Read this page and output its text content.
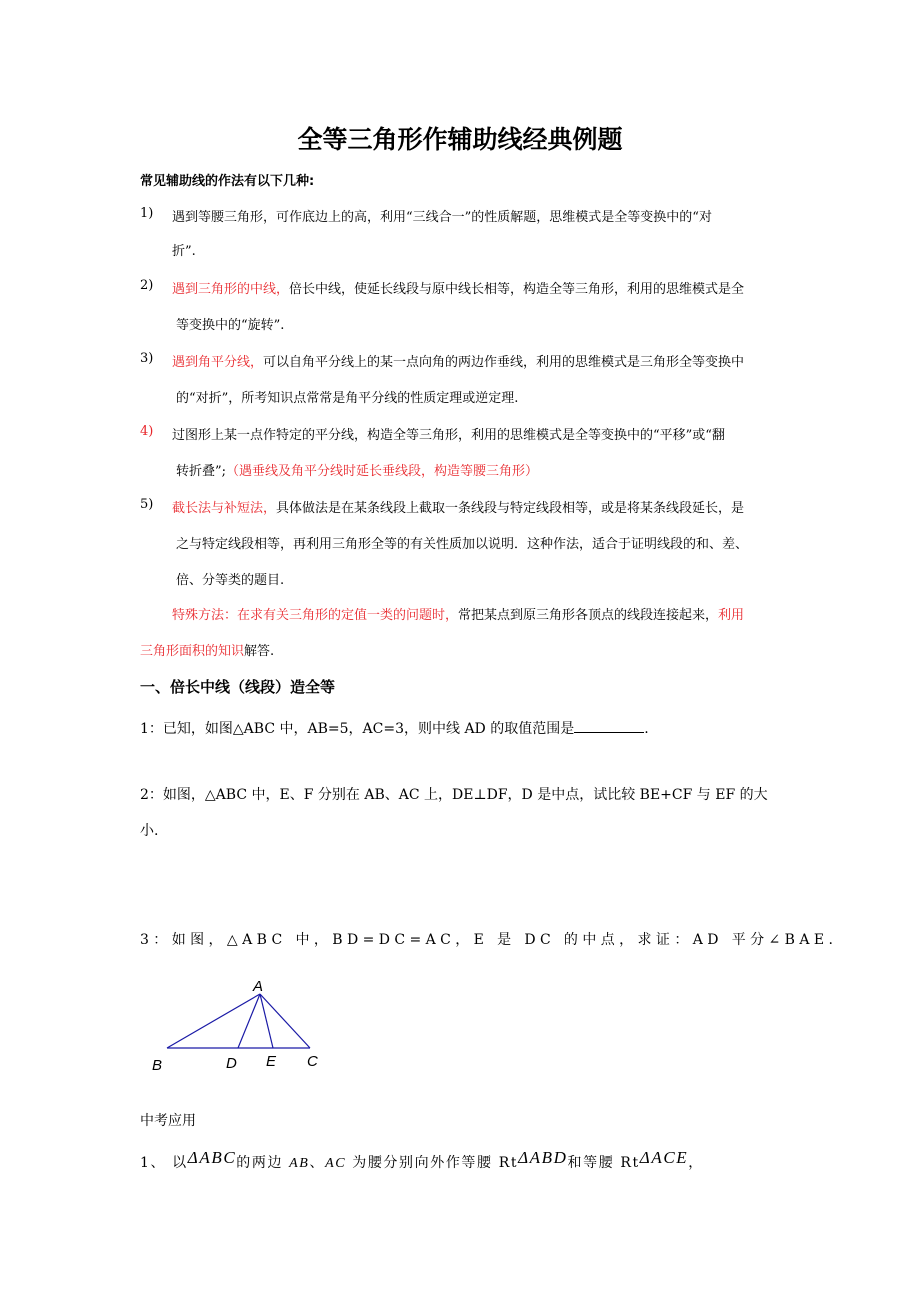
全等三角形作辅助线经典例题
常见辅助线的作法有以下几种:
1) 遇到等腰三角形，可作底边上的高，利用“三线合一”的性质解题，思维模式是全等变换中的“对
折”.
2) 遇到三角形的中线，倍长中线，使延长线段与原中线长相等，构造全等三角形，利用的思维模式是全
等变换中的“旋转”.
3) 遇到角平分线，可以自角平分线上的某一点向角的两边作垂线，利用的思维模式是三角形全等变换中
的“对折”，所考知识点常常是角平分线的性质定理或逆定理.
4) 过图形上某一点作特定的平分线，构造全等三角形，利用的思维模式是全等变换中的“平移”或“翻
转折叠”;（遇垂线及角平分线时延长垂线段，构造等腰三角形）
5) 截长法与补短法，具体做法是在某条线段上截取一条线段与特定线段相等，或是将某条线段延长，是
之与特定线段相等，再利用三角形全等的有关性质加以说明．这种作法，适合于证明线段的和、差、
倍、分等类的题目.
特殊方法：在求有关三角形的定值一类的问题时，常把某点到原三角形各顶点的线段连接起来，利用
三角形面积的知识解答.
一、倍长中线（线段）造全等
1：已知，如图△ABC 中，AB=5，AC=3，则中线 AD 的取值范围是	.
2：如图，△ABC 中，E、F 分别在 AB、AC 上，DE⊥DF，D 是中点，试比较 BE+CF 与 EF 的大
小.
3：如图，△ABC 中，BD=DC=AC，E 是 DC 的中点，求证：AD 平分∠BAE.
A
B	D E C
中考应用
1、 以ΔABC的两边 AB、AC 为腰分别向外作等腰 RtΔABD和等腰 RtΔACE，
